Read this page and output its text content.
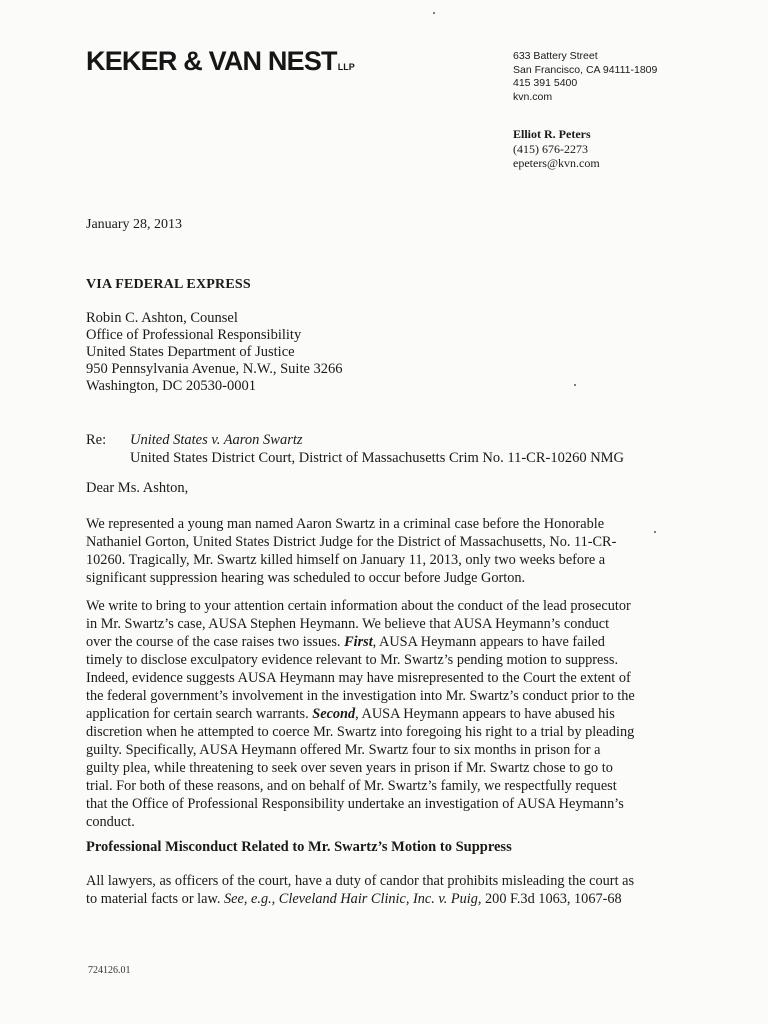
KEKER & VAN NESTLLP
633 Battery Street
San Francisco, CA 94111-1809
415 391 5400
kvn.com
Elliot R. Peters
(415) 676-2273
epeters@kvn.com
January 28, 2013
VIA FEDERAL EXPRESS
Robin C. Ashton, Counsel
Office of Professional Responsibility
United States Department of Justice
950 Pennsylvania Avenue, N.W., Suite 3266
Washington, DC 20530-0001
Re: United States v. Aaron Swartz
United States District Court, District of Massachusetts Crim No. 11-CR-10260 NMG
Dear Ms. Ashton,
We represented a young man named Aaron Swartz in a criminal case before the Honorable
Nathaniel Gorton, United States District Judge for the District of Massachusetts, No. 11-CR-
10260. Tragically, Mr. Swartz killed himself on January 11, 2013, only two weeks before a
significant suppression hearing was scheduled to occur before Judge Gorton.
We write to bring to your attention certain information about the conduct of the lead prosecutor
in Mr. Swartz’s case, AUSA Stephen Heymann. We believe that AUSA Heymann’s conduct
over the course of the case raises two issues. First, AUSA Heymann appears to have failed
timely to disclose exculpatory evidence relevant to Mr. Swartz’s pending motion to suppress.
Indeed, evidence suggests AUSA Heymann may have misrepresented to the Court the extent of
the federal government’s involvement in the investigation into Mr. Swartz’s conduct prior to the
application for certain search warrants. Second, AUSA Heymann appears to have abused his
discretion when he attempted to coerce Mr. Swartz into foregoing his right to a trial by pleading
guilty. Specifically, AUSA Heymann offered Mr. Swartz four to six months in prison for a
guilty plea, while threatening to seek over seven years in prison if Mr. Swartz chose to go to
trial. For both of these reasons, and on behalf of Mr. Swartz’s family, we respectfully request
that the Office of Professional Responsibility undertake an investigation of AUSA Heymann’s
conduct.
Professional Misconduct Related to Mr. Swartz’s Motion to Suppress
All lawyers, as officers of the court, have a duty of candor that prohibits misleading the court as
to material facts or law. See, e.g., Cleveland Hair Clinic, Inc. v. Puig, 200 F.3d 1063, 1067-68
724126.01
